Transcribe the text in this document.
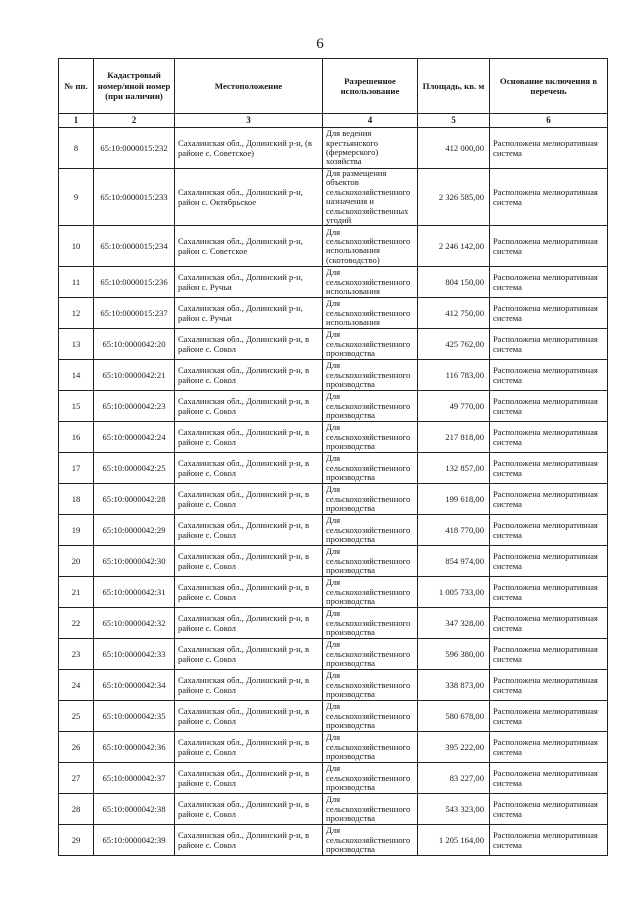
6
№ пп.	Кадастровый номер/иной номер (при наличии)	Местоположение	Разрешенное использование	Площадь, кв. м	Основание включения в перечень
1	2	3	4	5	6
8	65:10:0000015:232	Сахалинская обл., Долинский р-н, (в районе с. Советское)	Для ведения крестьянского (фермерского) хозяйства	412 000,00	Расположена мелиоративная система
9	65:10:0000015:233	Сахалинская обл., Долинский р-н, район с. Октябрьское	Для размещения объектов сельскохозяйственного назначения и сельскохозяйственных угодий	2 326 585,00	Расположена мелиоративная система
10	65:10:0000015:234	Сахалинская обл., Долинский р-н, район с. Советское	Для сельскохозяйственного использования (скотоводство)	2 246 142,00	Расположена мелиоративная система
11	65:10:0000015:236	Сахалинская обл., Долинский р-н, район с. Ручьи	Для сельскохозяйственного использования	804 150,00	Расположена мелиоративная система
12	65:10:0000015:237	Сахалинская обл., Долинский р-н, район с. Ручьи	Для сельскохозяйственного использования	412 750,00	Расположена мелиоративная система
13	65:10:0000042:20	Сахалинская обл., Долинский р-н, в районе с. Сокол	Для сельскохозяйственного производства	425 762,00	Расположена мелиоративная система
14	65:10:0000042:21	Сахалинская обл., Долинский р-н, в районе с. Сокол	Для сельскохозяйственного производства	116 783,00	Расположена мелиоративная система
15	65:10:0000042:23	Сахалинская обл., Долинский р-н, в районе с. Сокол	Для сельскохозяйственного производства	49 770,00	Расположена мелиоративная система
16	65:10:0000042:24	Сахалинская обл., Долинский р-н, в районе с. Сокол	Для сельскохозяйственного производства	217 818,00	Расположена мелиоративная система
17	65:10:0000042:25	Сахалинская обл., Долинский р-н, в районе с. Сокол	Для сельскохозяйственного производства	132 857,00	Расположена мелиоративная система
18	65:10:0000042:28	Сахалинская обл., Долинский р-н, в районе с. Сокол	Для сельскохозяйственного производства	199 618,00	Расположена мелиоративная система
19	65:10:0000042:29	Сахалинская обл., Долинский р-н, в районе с. Сокол	Для сельскохозяйственного производства	418 770,00	Расположена мелиоративная система
20	65:10:0000042:30	Сахалинская обл., Долинский р-н, в районе с. Сокол	Для сельскохозяйственного производства	854 974,00	Расположена мелиоративная система
21	65:10:0000042:31	Сахалинская обл., Долинский р-н, в районе с. Сокол	Для сельскохозяйственного производства	1 005 733,00	Расположена мелиоративная система
22	65:10:0000042:32	Сахалинская обл., Долинский р-н, в районе с. Сокол	Для сельскохозяйственного производства	347 328,00	Расположена мелиоративная система
23	65:10:0000042:33	Сахалинская обл., Долинский р-н, в районе с. Сокол	Для сельскохозяйственного производства	596 380,00	Расположена мелиоративная система
24	65:10:0000042:34	Сахалинская обл., Долинский р-н, в районе с. Сокол	Для сельскохозяйственного производства	338 873,00	Расположена мелиоративная система
25	65:10:0000042:35	Сахалинская обл., Долинский р-н, в районе с. Сокол	Для сельскохозяйственного производства	580 678,00	Расположена мелиоративная система
26	65:10:0000042:36	Сахалинская обл., Долинский р-н, в районе с. Сокол	Для сельскохозяйственного производства	395 222,00	Расположена мелиоративная система
27	65:10:0000042:37	Сахалинская обл., Долинский р-н, в районе с. Сокол	Для сельскохозяйственного производства	83 227,00	Расположена мелиоративная система
28	65:10:0000042:38	Сахалинская обл., Долинский р-н, в районе с. Сокол	Для сельскохозяйственного производства	543 323,00	Расположена мелиоративная система
29	65:10:0000042:39	Сахалинская обл., Долинский р-н, в районе с. Сокол	Для сельскохозяйственного производства	1 205 164,00	Расположена мелиоративная система
